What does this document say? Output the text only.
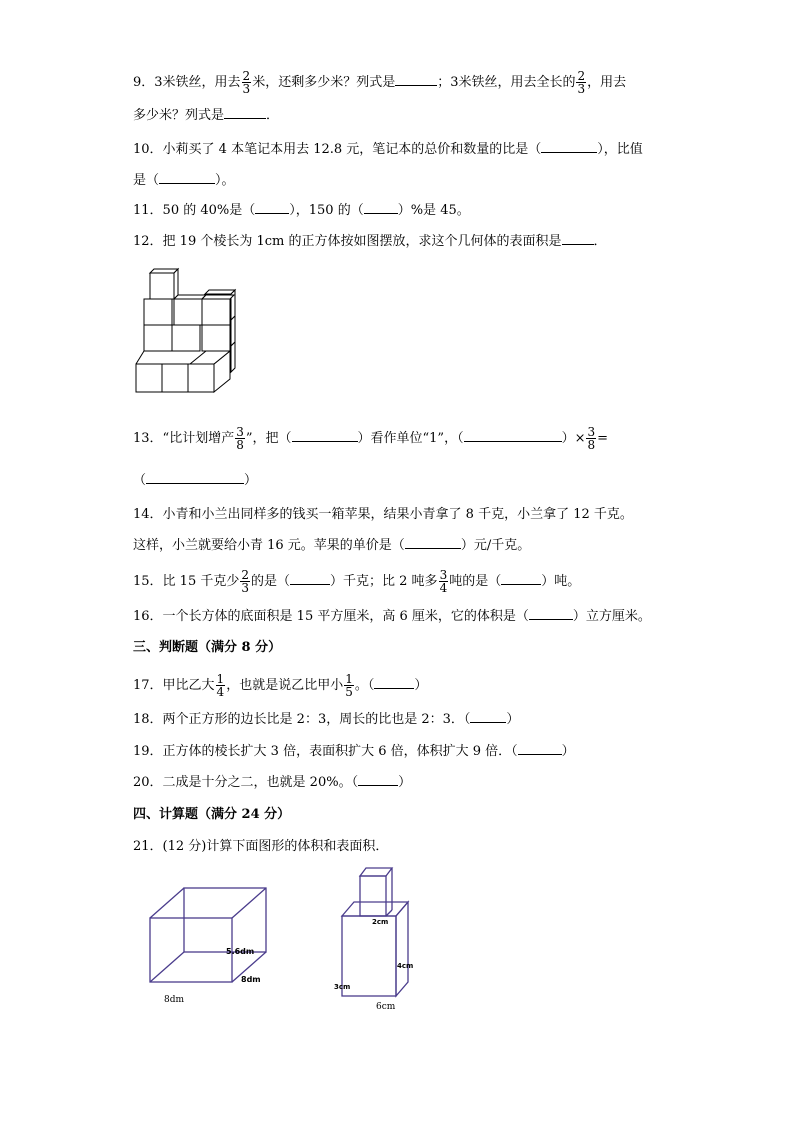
9．3米铁丝，用去 $\frac{2}{3}$ 米，还剩多少米？列式是	；3米铁丝，用去全长的 $\frac{2}{3}$ ，用去
多少米？列式是	．
10．小莉买了 4 本笔记本用去 12.8 元，笔记本的总价和数量的比是（	），比值
是（	）。
11．50 的 40%是（	），150 的（	）%是 45。
12．把 19 个棱长为 1cm 的正方体按如图摆放，求这个几何体的表面积是 ．
13．“比计划增产 $\frac{3}{8}$ ”，把（	）看作单位“1”，（	）× $\frac{3}{8}$ =
（	）
14．小青和小兰出同样多的钱买一箱苹果，结果小青拿了 8 千克，小兰拿了 12 千克。
这样，小兰就要给小青 16 元。苹果的单价是（	）元/千克。
15．比 15 千克少 $\frac{2}{3}$ 的是（	）千克；比 2 吨多 $\frac{3}{4}$ 吨的是（	）吨。
16．一个长方体的底面积是 15 平方厘米，高 6 厘米，它的体积是（	）立方厘米。
三、判断题（满分 8 分）
17．甲比乙大 $\frac{1}{4}$ ，也就是说乙比甲小 $\frac{1}{5}$ 。（	）
18．两个正方形的边长比是 2：3，周长的比也是 2：3．（	）
19．正方体的棱长扩大 3 倍，表面积扩大 6 倍，体积扩大 9 倍．（	）
20．二成是十分之二，也就是 20%。（	）
四、计算题（满分 24 分）
21．(12 分)计算下面图形的体积和表面积．
5.6dm
8dm
8dm
2cm
4cm
3cm
6cm
